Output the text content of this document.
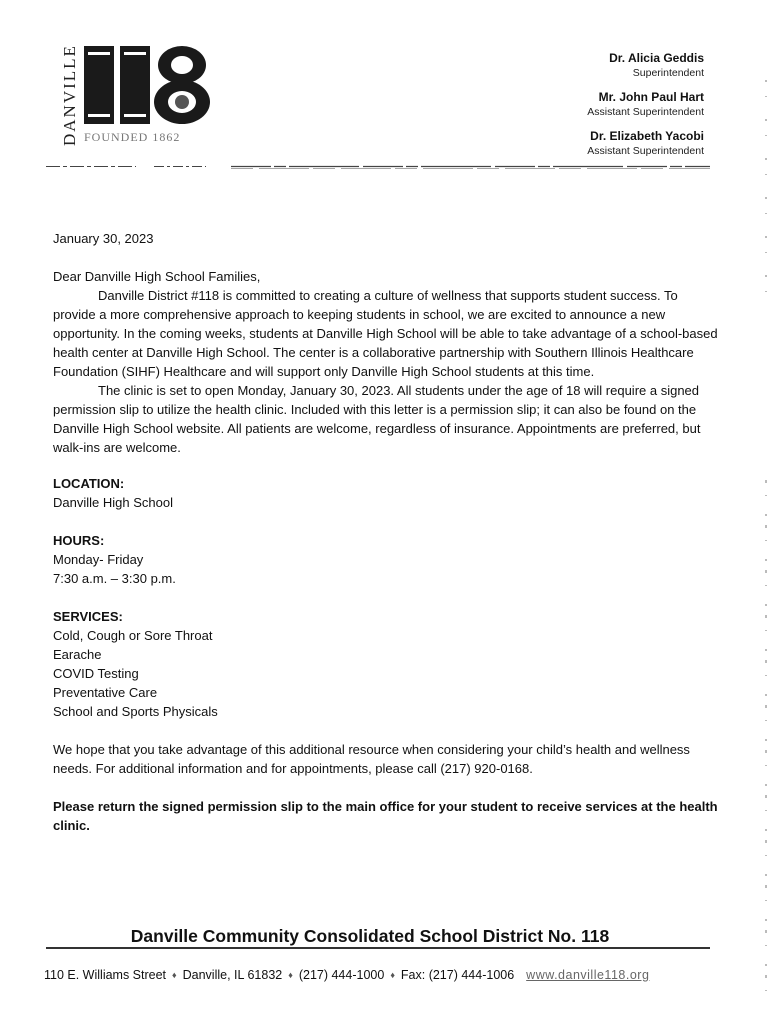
DANVILLE FOUNDED 1862
Dr. Alicia Geddis
Superintendent
Mr. John Paul Hart
Assistant Superintendent
Dr. Elizabeth Yacobi
Assistant Superintendent

January 30, 2023

Dear Danville High School Families,

Danville District #118 is committed to creating a culture of wellness that supports student success. To provide a more comprehensive approach to keeping students in school, we are excited to announce a new opportunity. In the coming weeks, students at Danville High School will be able to take advantage of a school-based health center at Danville High School. The center is a collaborative partnership with Southern Illinois Healthcare Foundation (SIHF) Healthcare and will support only Danville High School students at this time.

The clinic is set to open Monday, January 30, 2023. All students under the age of 18 will require a signed permission slip to utilize the health clinic. Included with this letter is a permission slip; it can also be found on the Danville High School website. All patients are welcome, regardless of insurance. Appointments are preferred, but walk-ins are welcome.

LOCATION:

Danville High School

HOURS:

Monday- Friday

7:30 a.m. – 3:30 p.m.

SERVICES:

Cold, Cough or Sore Throat

Earache

COVID Testing

Preventative Care

School and Sports Physicals

We hope that you take advantage of this additional resource when considering your child’s health and wellness needs. For additional information and for appointments, please call (217) 920-0168.

Please return the signed permission slip to the main office for your student to receive services at the health clinic.

Danville Community Consolidated School District No. 118
110 E. Williams Street ♦ Danville, IL 61832 ♦ (217) 444-1000 ♦ Fax: (217) 444-1006 www.danville118.org
